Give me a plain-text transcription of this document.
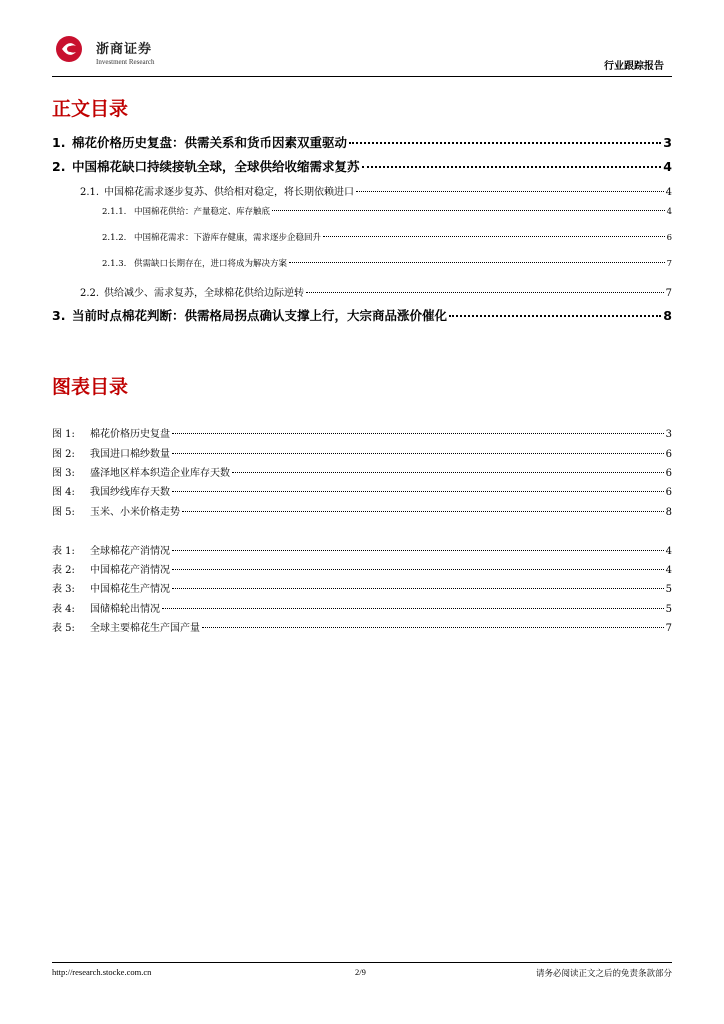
浙商证券
Investment Research	行业跟踪报告
正文目录
1. 棉花价格历史复盘：供需关系和货币因素双重驱动	3
2. 中国棉花缺口持续接轨全球，全球供给收缩需求复苏	4
2.1. 中国棉花需求逐步复苏、供给相对稳定，将长期依赖进口	4
2.1.1. 中国棉花供给：产量稳定、库存触底	4
2.1.2. 中国棉花需求：下游库存健康，需求逐步企稳回升	6
2.1.3. 供需缺口长期存在，进口将成为解决方案	7
2.2. 供给减少、需求复苏，全球棉花供给边际逆转	7
3. 当前时点棉花判断：供需格局拐点确认支撑上行，大宗商品涨价催化	8
图表目录
图 1:	棉花价格历史复盘	3
图 2:	我国进口棉纱数量	6
图 3:	盛泽地区样本织造企业库存天数	6
图 4:	我国纱线库存天数	6
图 5:	玉米、小米价格走势	8
表 1:	全球棉花产消情况	4
表 2:	中国棉花产消情况	4
表 3:	中国棉花生产情况	5
表 4:	国储棉轮出情况	5
表 5:	全球主要棉花生产国产量	7
http://research.stocke.com.cn	2/9	请务必阅读正文之后的免责条款部分
